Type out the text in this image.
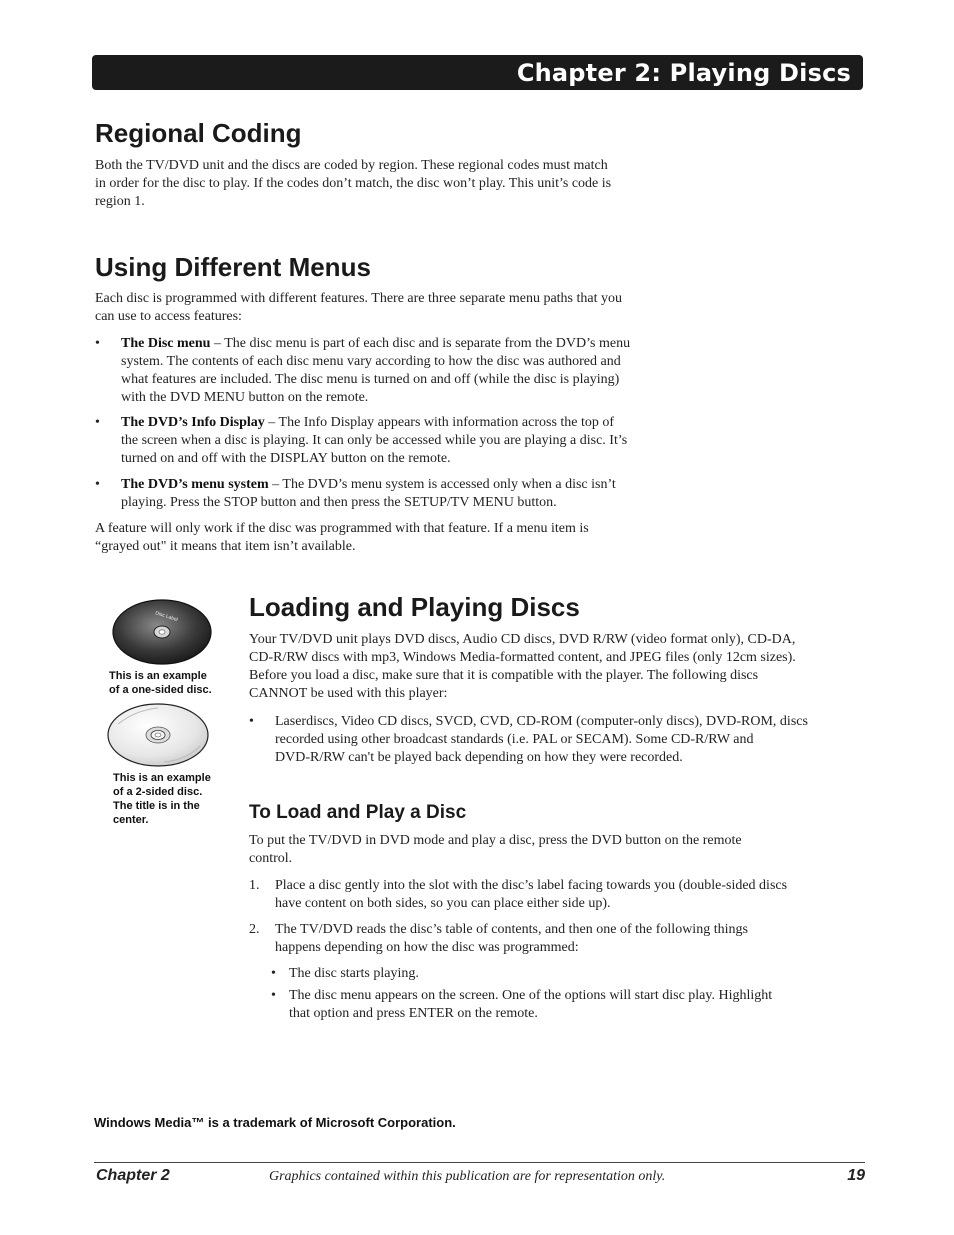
Chapter 2: Playing Discs
Regional Coding
Both the TV/DVD unit and the discs are coded by region. These regional codes must match
in order for the disc to play. If the codes don’t match, the disc won’t play. This unit’s code is
region 1.
Using Different Menus
Each disc is programmed with different features. There are three separate menu paths that you
can use to access features:
• The Disc menu – The disc menu is part of each disc and is separate from the DVD’s menu
system. The contents of each disc menu vary according to how the disc was authored and
what features are included. The disc menu is turned on and off (while the disc is playing)
with the DVD MENU button on the remote.
• The DVD’s Info Display – The Info Display appears with information across the top of
the screen when a disc is playing. It can only be accessed while you are playing a disc. It’s
turned on and off with the DISPLAY button on the remote.
• The DVD’s menu system – The DVD’s menu system is accessed only when a disc isn’t
playing. Press the STOP button and then press the SETUP/TV MENU button.
A feature will only work if the disc was programmed with that feature. If a menu item is
“grayed out" it means that item isn’t available.
Disc Label
This is an example
of a one-sided disc.
This is an example
of a 2-sided disc.
The title is in the
center.
Loading and Playing Discs
Your TV/DVD unit plays DVD discs, Audio CD discs, DVD R/RW (video format only), CD-DA,
CD-R/RW discs with mp3, Windows Media-formatted content, and JPEG files (only 12cm sizes).
Before you load a disc, make sure that it is compatible with the player. The following discs
CANNOT be used with this player:
• Laserdiscs, Video CD discs, SVCD, CVD, CD-ROM (computer-only discs), DVD-ROM, discs
recorded using other broadcast standards (i.e. PAL or SECAM). Some CD-R/RW and
DVD-R/RW can't be played back depending on how they were recorded.
To Load and Play a Disc
To put the TV/DVD in DVD mode and play a disc, press the DVD button on the remote
control.
1. Place a disc gently into the slot with the disc’s label facing towards you (double-sided discs
have content on both sides, so you can place either side up).
2. The TV/DVD reads the disc’s table of contents, and then one of the following things
happens depending on how the disc was programmed:
• The disc starts playing.
• The disc menu appears on the screen. One of the options will start disc play. Highlight
that option and press ENTER on the remote.
Windows Media™ is a trademark of Microsoft Corporation.
Chapter 2	Graphics contained within this publication are for representation only.	19
